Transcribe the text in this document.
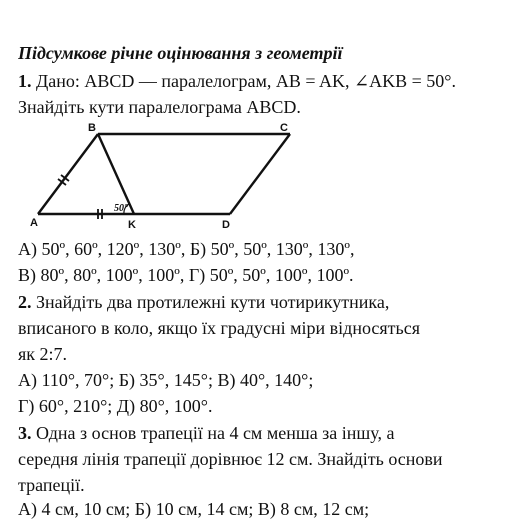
Підсумкове річне оцінювання з геометрії
1. Дано: ABCD — паралелограм, AB = AK, ∠AKB = 50°.
Знайдіть кути паралелограма ABCD.
50°
A
B	C
D
K
А) 50º, 60º, 120º, 130º, Б) 50º, 50º, 130º, 130º,
В) 80º, 80º, 100º, 100º, Г) 50º, 50º, 100º, 100º.
2. Знайдіть два протилежні кути чотирикутника,
вписаного в коло, якщо їх градусні міри відносяться
як 2:7.
А) 110°, 70°; Б) 35°, 145°; В) 40°, 140°;
Г) 60°, 210°; Д) 80°, 100°.
3. Одна з основ трапеції на 4 см менша за іншу, а
середня лінія трапеції дорівнює 12 см. Знайдіть основи
трапеції.
А) 4 см, 10 см; Б) 10 см, 14 см; В) 8 см, 12 см;
